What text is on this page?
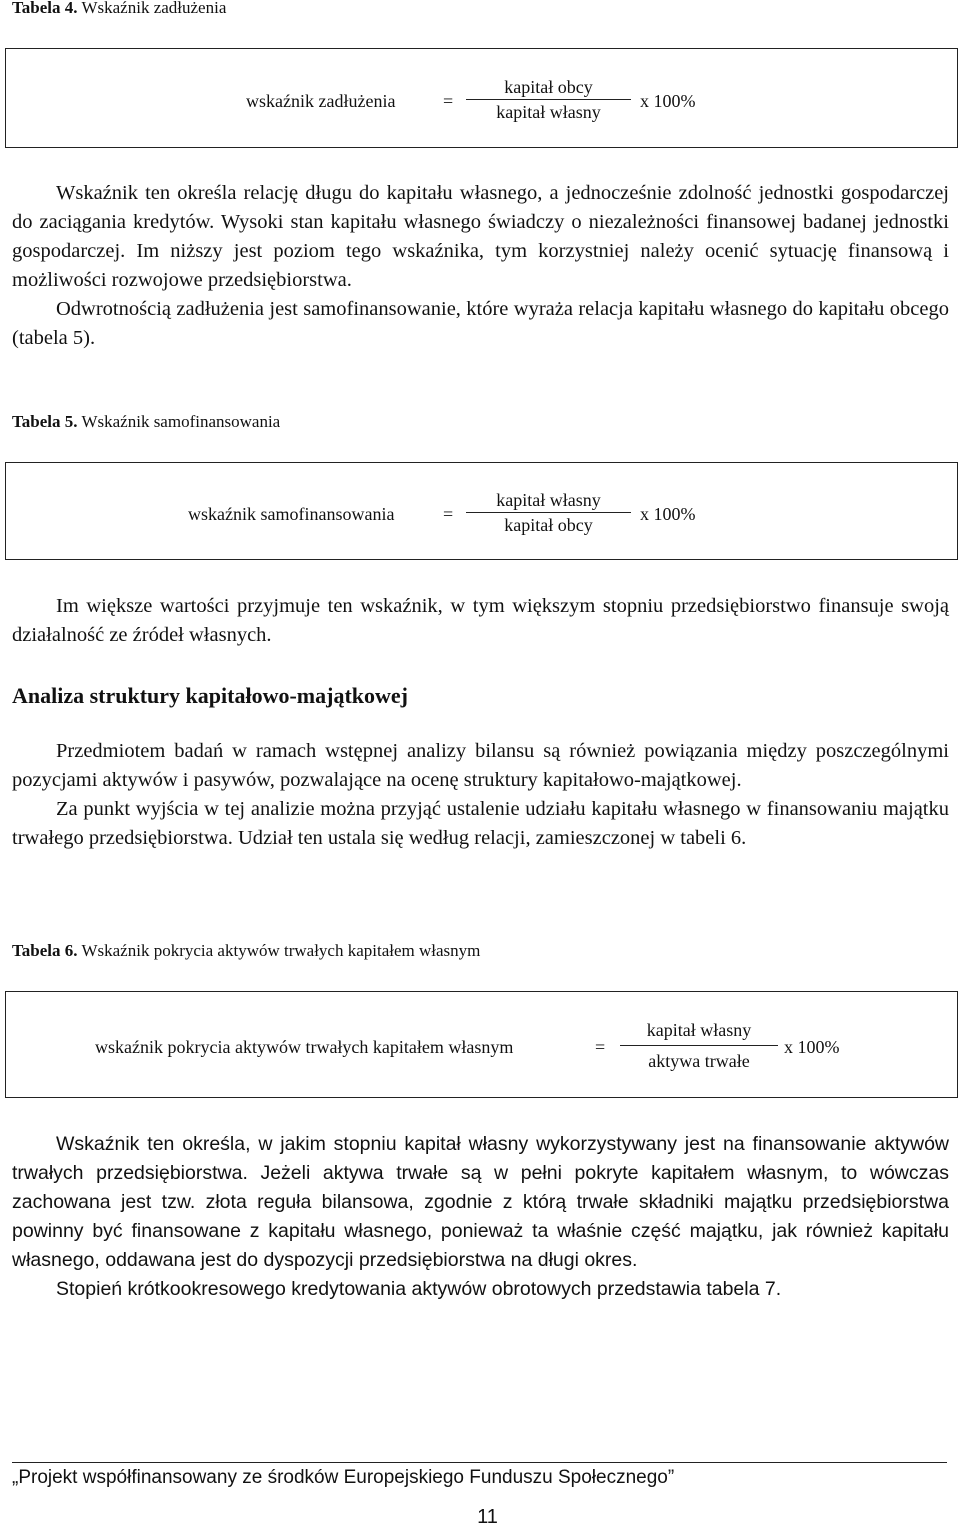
Tabela 4. Wskaźnik zadłużenia
wskaźnik zadłużenia	=
kapitał obcy
kapitał własny
x 100%

Wskaźnik ten określa relację długu do kapitału własnego, a jednocześnie zdolność jednostki gospodarczej do zaciągania kredytów. Wysoki stan kapitału własnego świadczy o niezależności finansowej badanej jednostki gospodarczej. Im niższy jest poziom tego wskaźnika, tym korzystniej należy ocenić sytuację finansową i możliwości rozwojowe przedsiębiorstwa.

Odwrotnością zadłużenia jest samofinansowanie, które wyraża relacja kapitału własnego do kapitału obcego (tabela 5).

Tabela 5. Wskaźnik samofinansowania
wskaźnik samofinansowania	=
kapitał własny
kapitał obcy
x 100%

Im większe wartości przyjmuje ten wskaźnik, w tym większym stopniu przedsiębiorstwo finansuje swoją działalność ze źródeł własnych.

Analiza struktury kapitałowo-majątkowej

Przedmiotem badań w ramach wstępnej analizy bilansu są również powiązania między poszczególnymi pozycjami aktywów i pasywów, pozwalające na ocenę struktury kapitałowo-majątkowej.

Za punkt wyjścia w tej analizie można przyjąć ustalenie udziału kapitału własnego w finansowaniu majątku trwałego przedsiębiorstwa. Udział ten ustala się według relacji, zamieszczonej w tabeli 6.

Tabela 6. Wskaźnik pokrycia aktywów trwałych kapitałem własnym
wskaźnik pokrycia aktywów trwałych kapitałem własnym	=
kapitał własny
aktywa trwałe
x 100%

Wskaźnik ten określa, w jakim stopniu kapitał własny wykorzystywany jest na finansowanie aktywów trwałych przedsiębiorstwa. Jeżeli aktywa trwałe są w pełni pokryte kapitałem własnym, to wówczas zachowana jest tzw. złota reguła bilansowa, zgodnie z którą trwałe składniki majątku przedsiębiorstwa powinny być finansowane z kapitału własnego, ponieważ ta właśnie część majątku, jak również kapitału własnego, oddawana jest do dyspozycji przedsiębiorstwa na długi okres.

Stopień krótkookresowego kredytowania aktywów obrotowych przedstawia tabela 7.

„Projekt współfinansowany ze środków Europejskiego Funduszu Społecznego”
11
